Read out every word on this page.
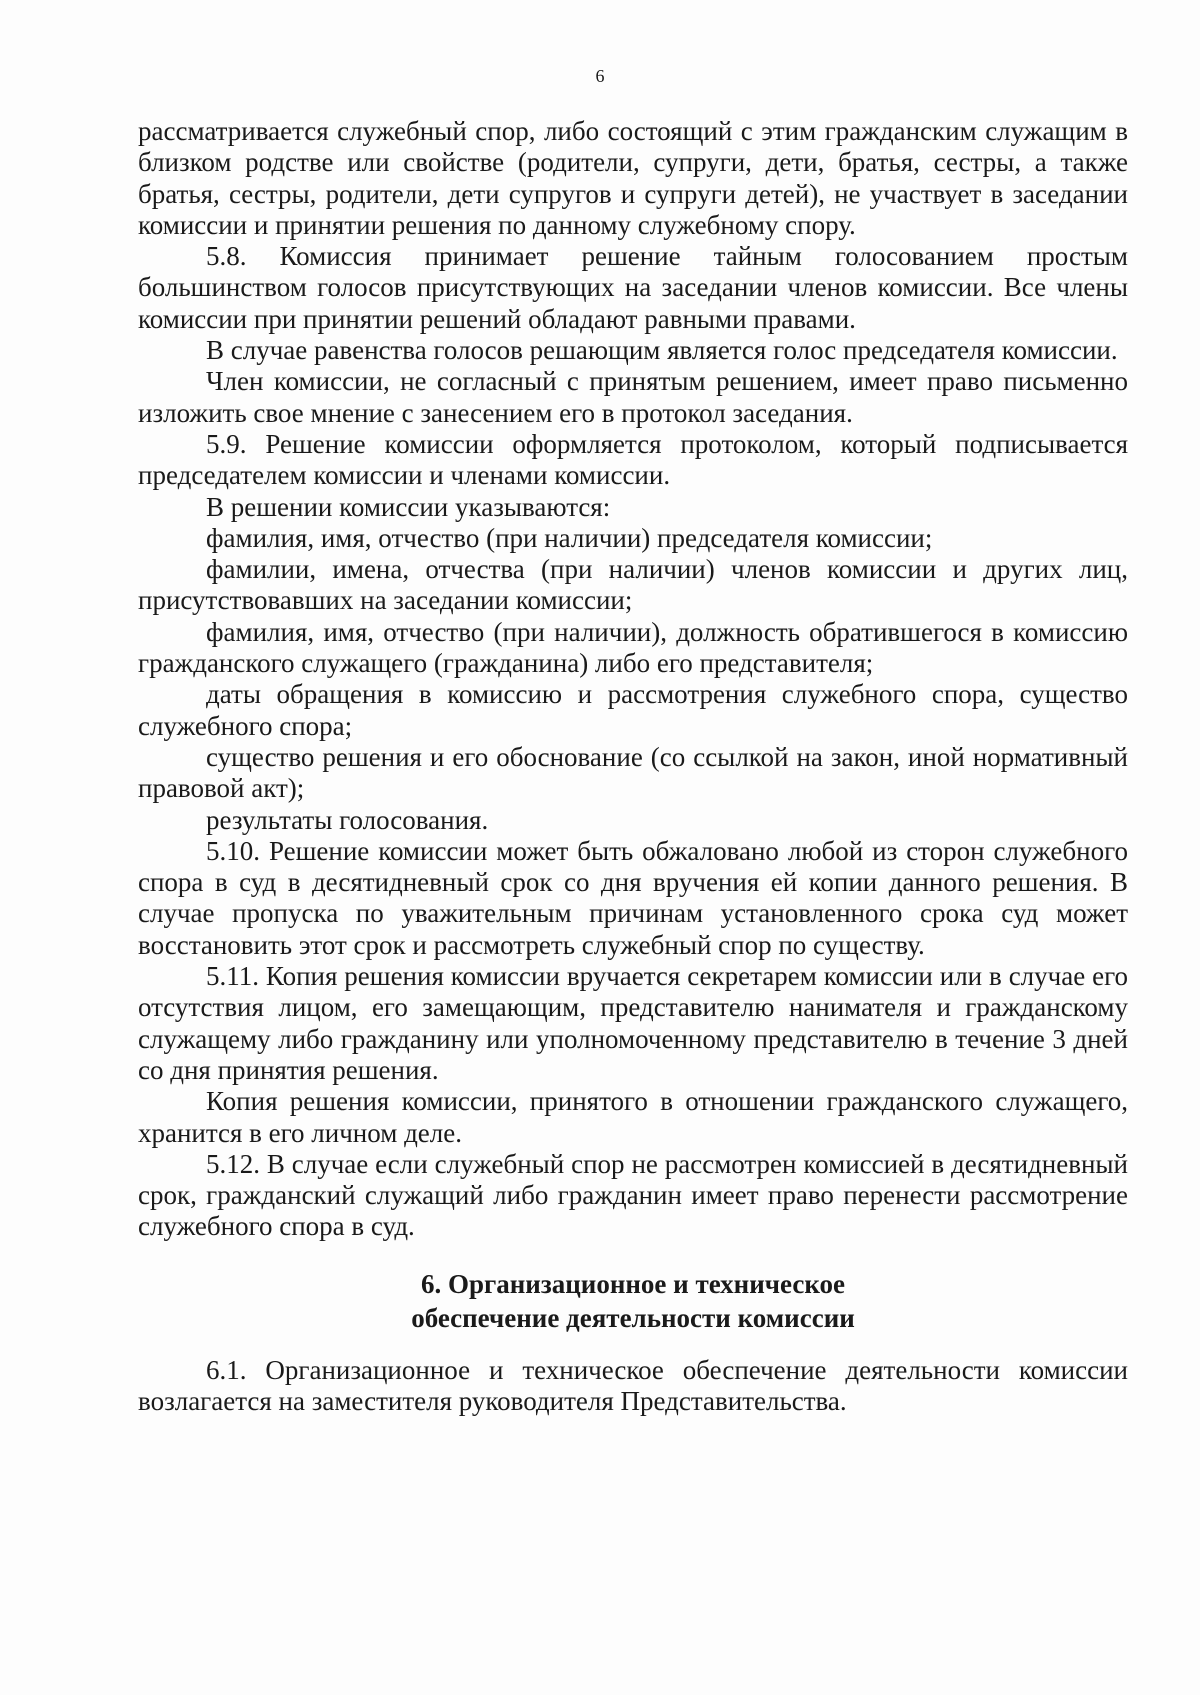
6

рассматривается служебный спор, либо состоящий с этим гражданским служащим в близком родстве или свойстве (родители, супруги, дети, братья, сестры, а также братья, сестры, родители, дети супругов и супруги детей), не участвует в заседании комиссии и принятии решения по данному служебному спору.

5.8. Комиссия принимает решение тайным голосованием простым большинством голосов присутствующих на заседании членов комиссии. Все члены комиссии при принятии решений обладают равными правами.

В случае равенства голосов решающим является голос председателя комиссии.

Член комиссии, не согласный с принятым решением, имеет право письменно изложить свое мнение с занесением его в протокол заседания.

5.9. Решение комиссии оформляется протоколом, который подписывается председателем комиссии и членами комиссии.

В решении комиссии указываются:

фамилия, имя, отчество (при наличии) председателя комиссии;

фамилии, имена, отчества (при наличии) членов комиссии и других лиц, присутствовавших на заседании комиссии;

фамилия, имя, отчество (при наличии), должность обратившегося в комиссию гражданского служащего (гражданина) либо его представителя;

даты обращения в комиссию и рассмотрения служебного спора, существо служебного спора;

существо решения и его обоснование (со ссылкой на закон, иной нормативный правовой акт);

результаты голосования.

5.10. Решение комиссии может быть обжаловано любой из сторон служебного спора в суд в десятидневный срок со дня вручения ей копии данного решения. В случае пропуска по уважительным причинам установленного срока суд может восстановить этот срок и рассмотреть служебный спор по существу.

5.11. Копия решения комиссии вручается секретарем комиссии или в случае его отсутствия лицом, его замещающим, представителю нанимателя и гражданскому служащему либо гражданину или уполномоченному представителю в течение 3 дней со дня принятия решения.

Копия решения комиссии, принятого в отношении гражданского служащего, хранится в его личном деле.

5.12. В случае если служебный спор не рассмотрен комиссией в десятидневный срок, гражданский служащий либо гражданин имеет право перенести рассмотрение служебного спора в суд.

6. Организационное и техническое
обеспечение деятельности комиссии

6.1. Организационное и техническое обеспечение деятельности комиссии возлагается на заместителя руководителя Представительства.
